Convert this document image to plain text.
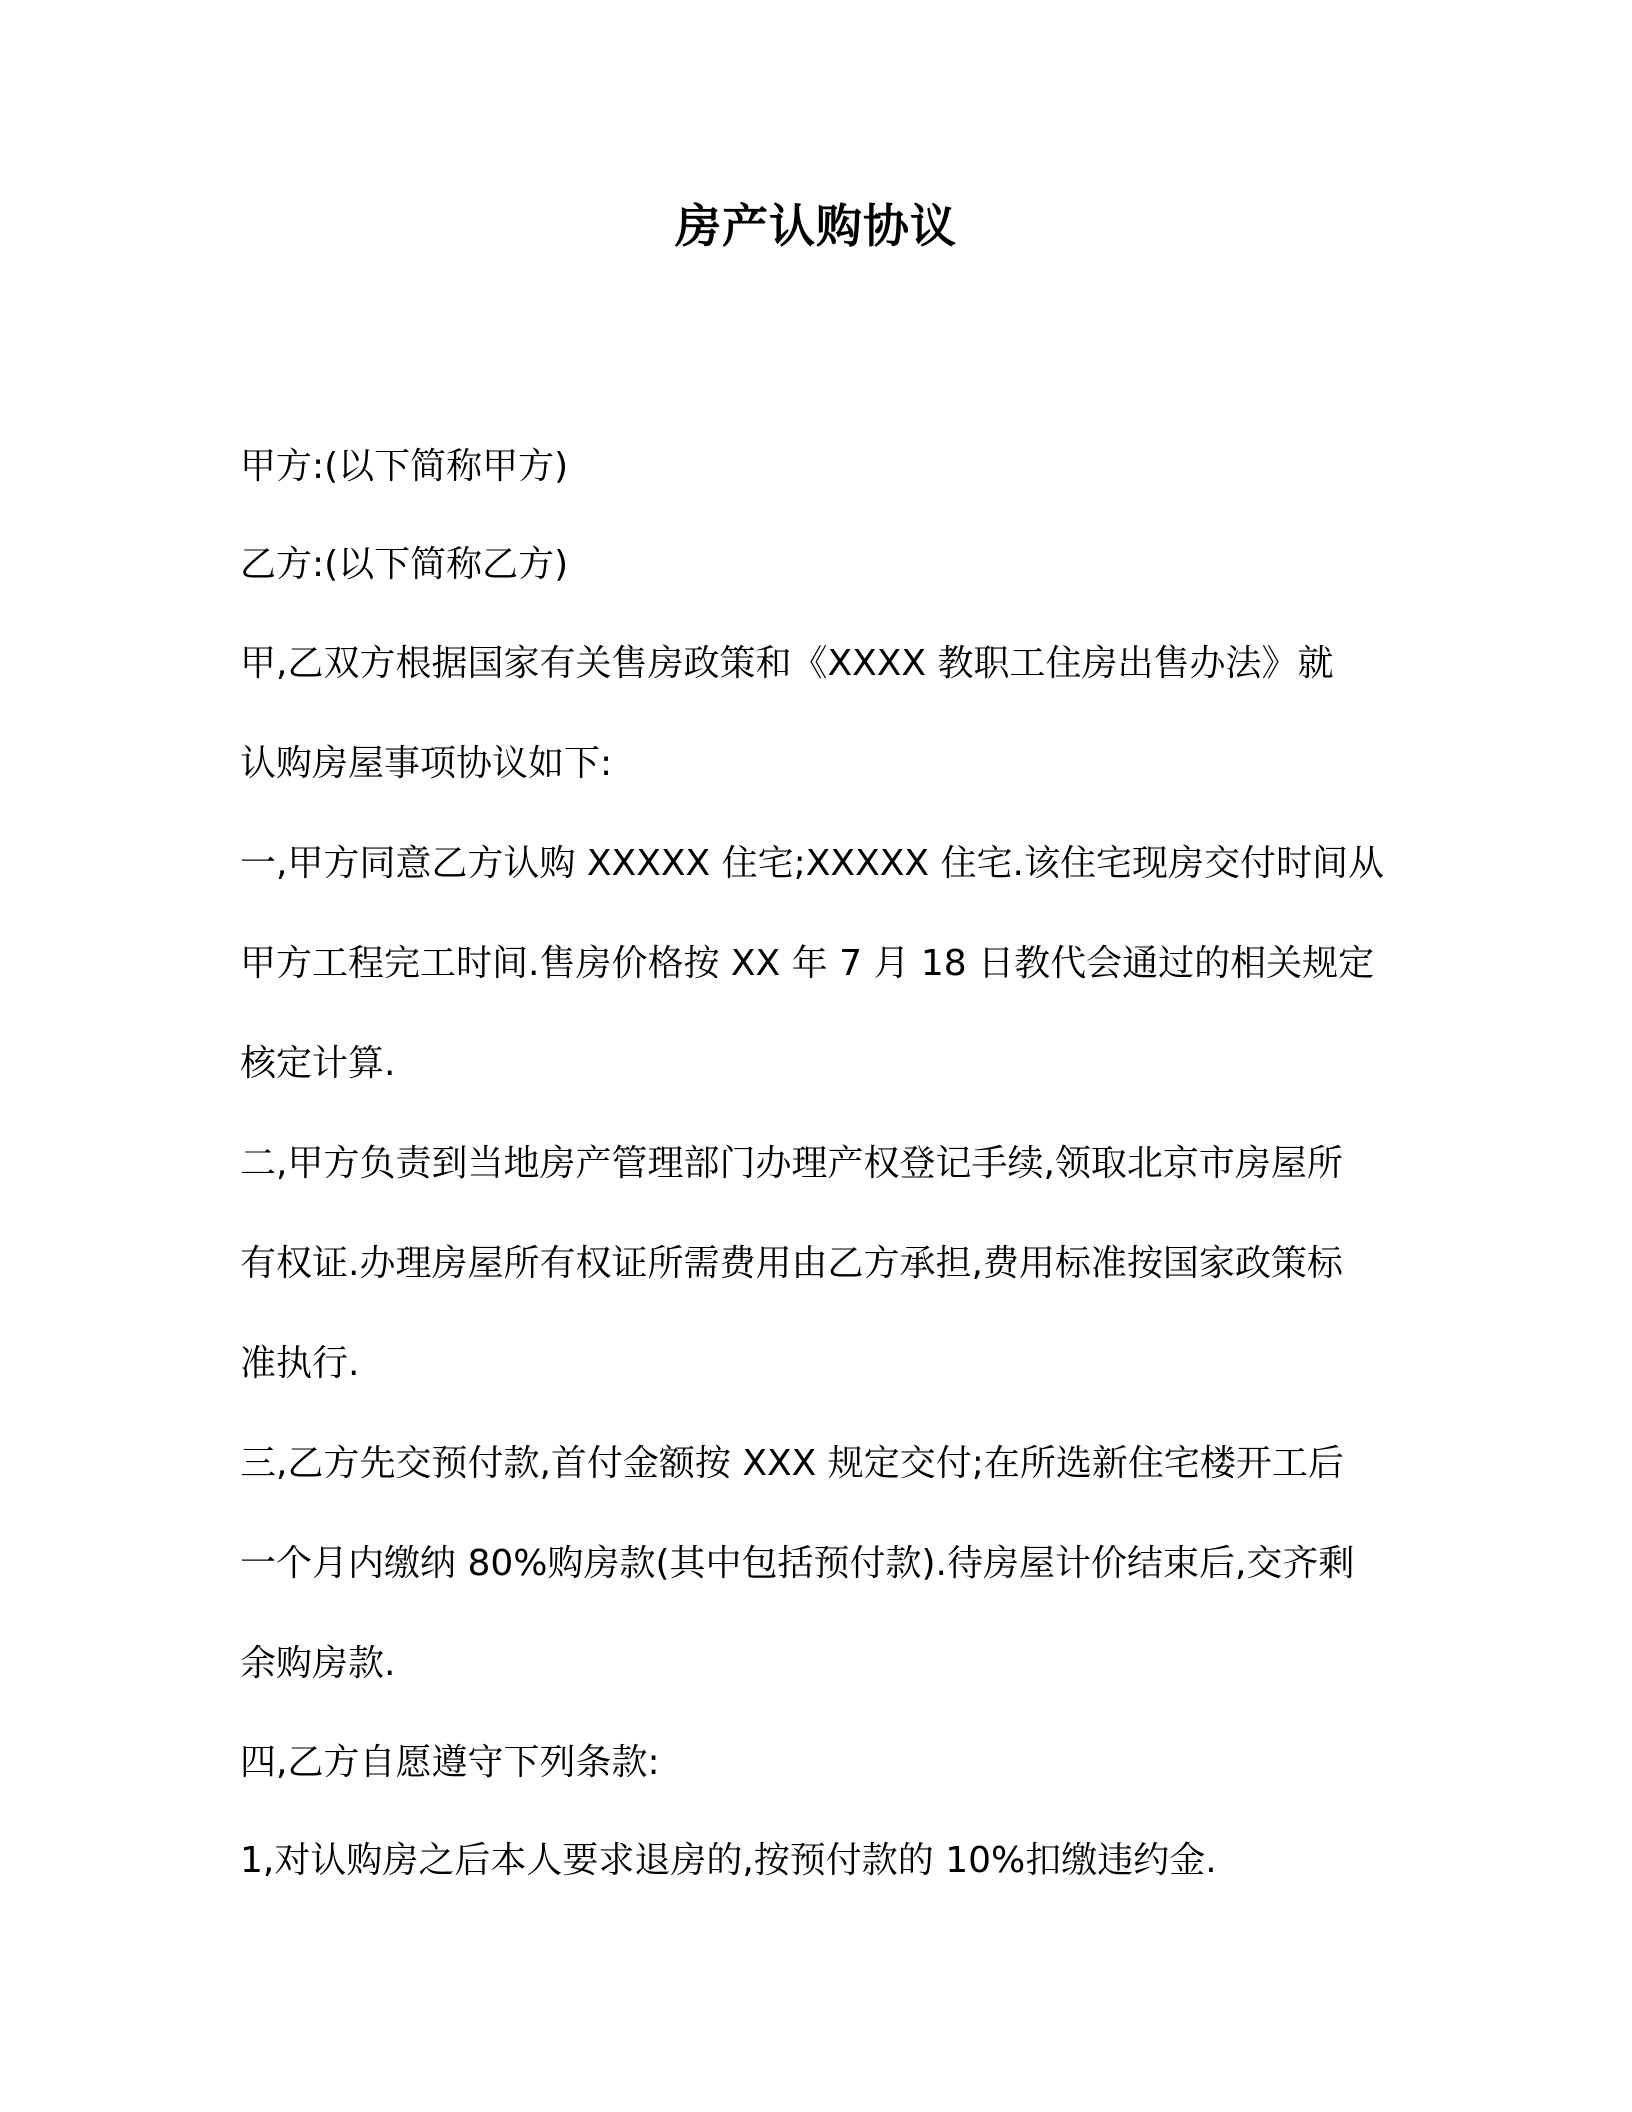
房产认购协议

甲方:(以下简称甲方)

乙方:(以下简称乙方)

甲,乙双方根据国家有关售房政策和《XXXX 教职工住房出售办法》就
认购房屋事项协议如下:

一,甲方同意乙方认购 XXXXX 住宅;XXXXX 住宅.该住宅现房交付时间从
甲方工程完工时间.售房价格按 XX 年 7 月 18 日教代会通过的相关规定
核定计算.

二,甲方负责到当地房产管理部门办理产权登记手续,领取北京市房屋所
有权证.办理房屋所有权证所需费用由乙方承担,费用标准按国家政策标
准执行.

三,乙方先交预付款,首付金额按 XXX 规定交付;在所选新住宅楼开工后
一个月内缴纳 80%购房款(其中包括预付款).待房屋计价结束后,交齐剩
余购房款.

四,乙方自愿遵守下列条款:

1,对认购房之后本人要求退房的,按预付款的 10%扣缴违约金.
